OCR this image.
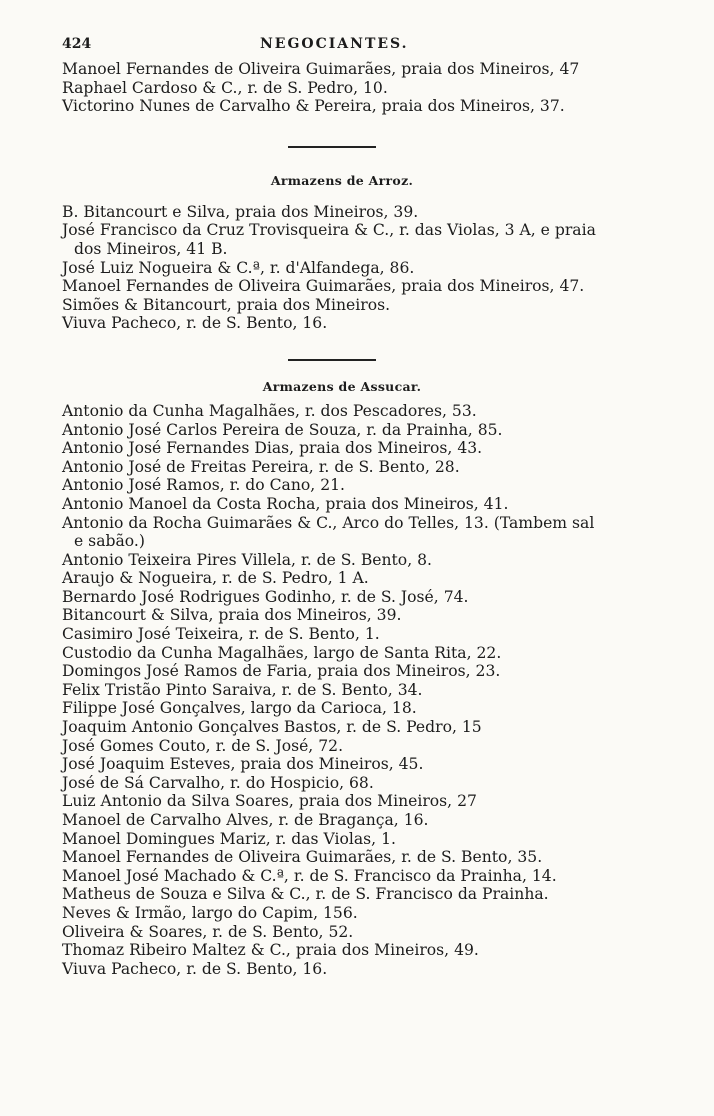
424	NEGOCIANTES.
Manoel Fernandes de Oliveira Guimarães, praia dos Mineiros, 47
Raphael Cardoso & C., r. de S. Pedro, 10.
Victorino Nunes de Carvalho & Pereira, praia dos Mineiros, 37.
Armazens de Arroz.
B. Bitancourt e Silva, praia dos Mineiros, 39.
José Francisco da Cruz Trovisqueira & C., r. das Violas, 3 A, e praia
dos Mineiros, 41 B.
José Luiz Nogueira & C.ª, r. d'Alfandega, 86.
Manoel Fernandes de Oliveira Guimarães, praia dos Mineiros, 47.
Simões & Bitancourt, praia dos Mineiros.
Viuva Pacheco, r. de S. Bento, 16.
Armazens de Assucar.
Antonio da Cunha Magalhães, r. dos Pescadores, 53.
Antonio José Carlos Pereira de Souza, r. da Prainha, 85.
Antonio José Fernandes Dias, praia dos Mineiros, 43.
Antonio José de Freitas Pereira, r. de S. Bento, 28.
Antonio José Ramos, r. do Cano, 21.
Antonio Manoel da Costa Rocha, praia dos Mineiros, 41.
Antonio da Rocha Guimarães & C., Arco do Telles, 13. (Tambem sal
e sabão.)
Antonio Teixeira Pires Villela, r. de S. Bento, 8.
Araujo & Nogueira, r. de S. Pedro, 1 A.
Bernardo José Rodrigues Godinho, r. de S. José, 74.
Bitancourt & Silva, praia dos Mineiros, 39.
Casimiro José Teixeira, r. de S. Bento, 1.
Custodio da Cunha Magalhães, largo de Santa Rita, 22.
Domingos José Ramos de Faria, praia dos Mineiros, 23.
Felix Tristão Pinto Saraiva, r. de S. Bento, 34.
Filippe José Gonçalves, largo da Carioca, 18.
Joaquim Antonio Gonçalves Bastos, r. de S. Pedro, 15
José Gomes Couto, r. de S. José, 72.
José Joaquim Esteves, praia dos Mineiros, 45.
José de Sá Carvalho, r. do Hospicio, 68.
Luiz Antonio da Silva Soares, praia dos Mineiros, 27
Manoel de Carvalho Alves, r. de Bragança, 16.
Manoel Domingues Mariz, r. das Violas, 1.
Manoel Fernandes de Oliveira Guimarães, r. de S. Bento, 35.
Manoel José Machado & C.ª, r. de S. Francisco da Prainha, 14.
Matheus de Souza e Silva & C., r. de S. Francisco da Prainha.
Neves & Irmão, largo do Capim, 156.
Oliveira & Soares, r. de S. Bento, 52.
Thomaz Ribeiro Maltez & C., praia dos Mineiros, 49.
Viuva Pacheco, r. de S. Bento, 16.
